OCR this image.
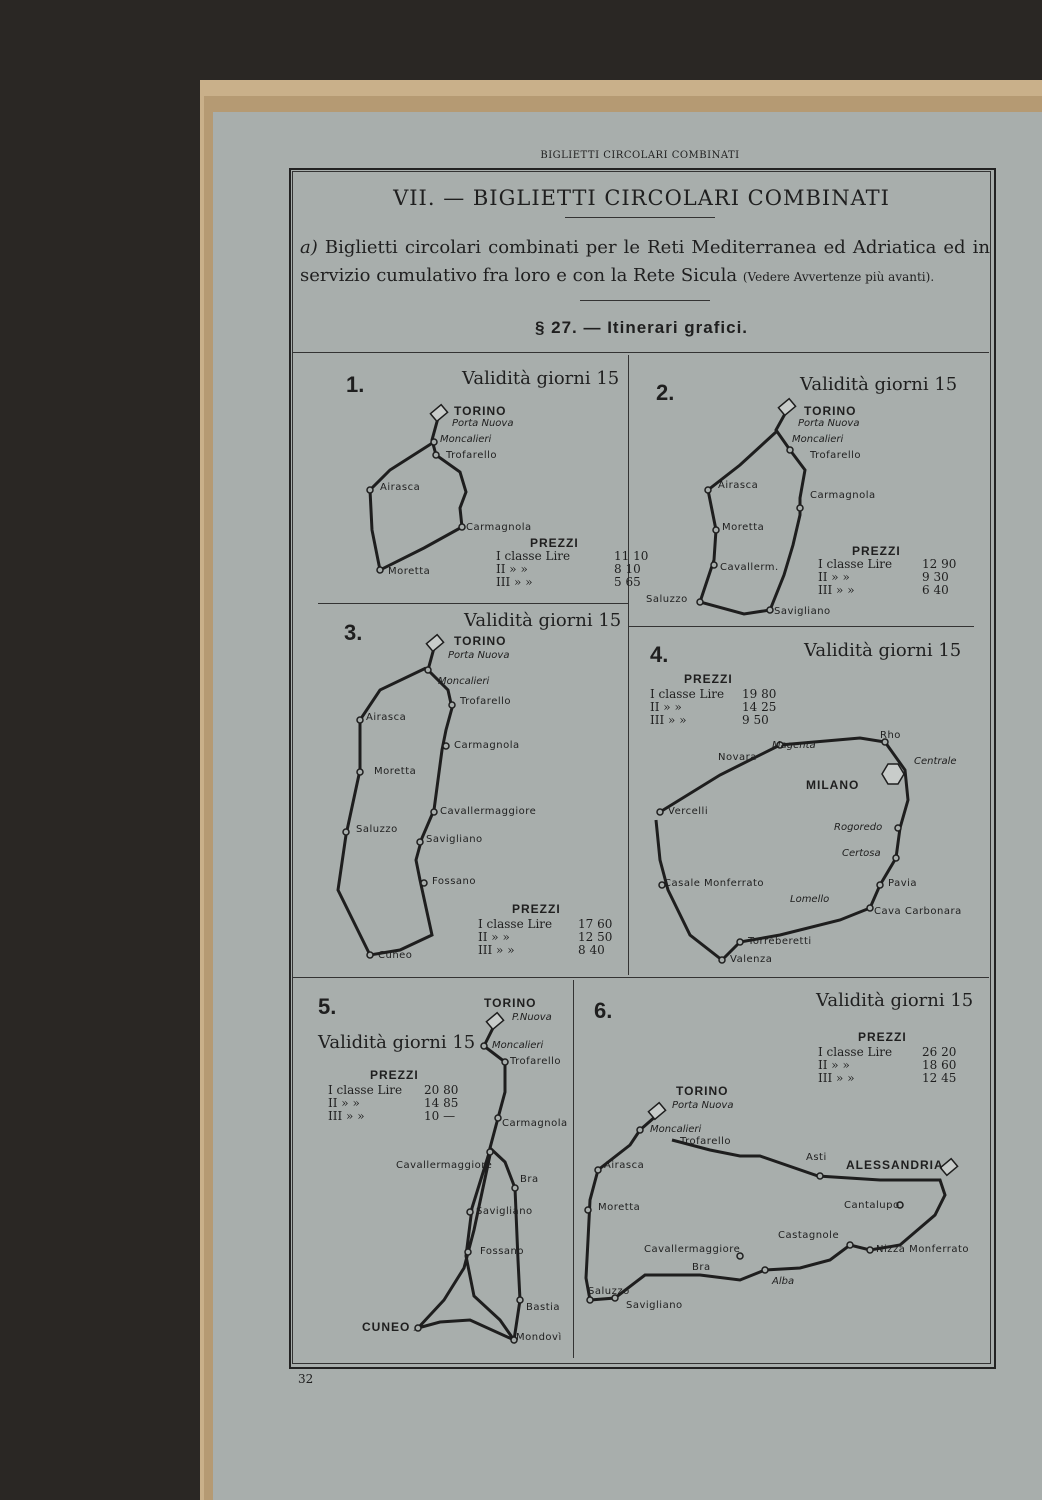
BIGLIETTI CIRCOLARI COMBINATI
VII. — BIGLIETTI CIRCOLARI COMBINATI
a) Biglietti circolari combinati per le Reti Mediterranea ed Adriatica ed in servizio cumulativo fra loro e con la Rete Sicula (Vedere Avvertenze più avanti).
§ 27. — Itinerari grafici.
1.	Validità giorni 15
TORINO
Porta Nuova
Moncalieri
Trofarello
Airasca
Carmagnola
Moretta
PREZZI
I classe Lire	11 10
II » »	8 10
III » »	5 65
2.	Validità giorni 15
TORINO
Porta Nuova
Moncalieri
Trofarello
Airasca
Carmagnola
Moretta
Cavallerm.
Saluzzo
Savigliano
PREZZI
I classe Lire 12 90
II » »	9 30
III » »	6 40
3.	Validità giorni 15
TORINO
Porta Nuova
Moncalieri
Trofarello
Airasca
Carmagnola
Moretta
Cavallermaggiore
Saluzzo
Savigliano
Fossano
Cuneo
PREZZI
I classe Lire 17 60
II » »	12 50
III » »	8 40
4.	Validità giorni 15
PREZZI
I classe Lire 19 80
II » »	14 25
III » »	9 50
Magenta
Rho
Novara	Centrale
MILANO
Vercelli
Rogoredo
Certosa
Casale Monferrato	Pavia
Lomello
Cava Carbonara
Torreberetti
Valenza
5.
Validità giorni 15
TORINO
P.Nuova
Moncalieri
Trofarello
Carmagnola
Cavallermaggiore
Bra
Savigliano
Fossano
Bastia
CUNEO
Mondovì
PREZZI
I classe Lire 20 80
II » »	14 85
III » »	10 —
6.	Validità giorni 15
PREZZI
I classe Lire 26 20
II » »	18 60
III » »	12 45
TORINO
Porta Nuova
Moncalieri
Trofarello
Airasca
Asti
ALESSANDRIA
Moretta	Cantalupo
Castagnole
Cavallermaggiore	Nizza Monferrato
Bra
Alba
Saluzzo
Savigliano
32
